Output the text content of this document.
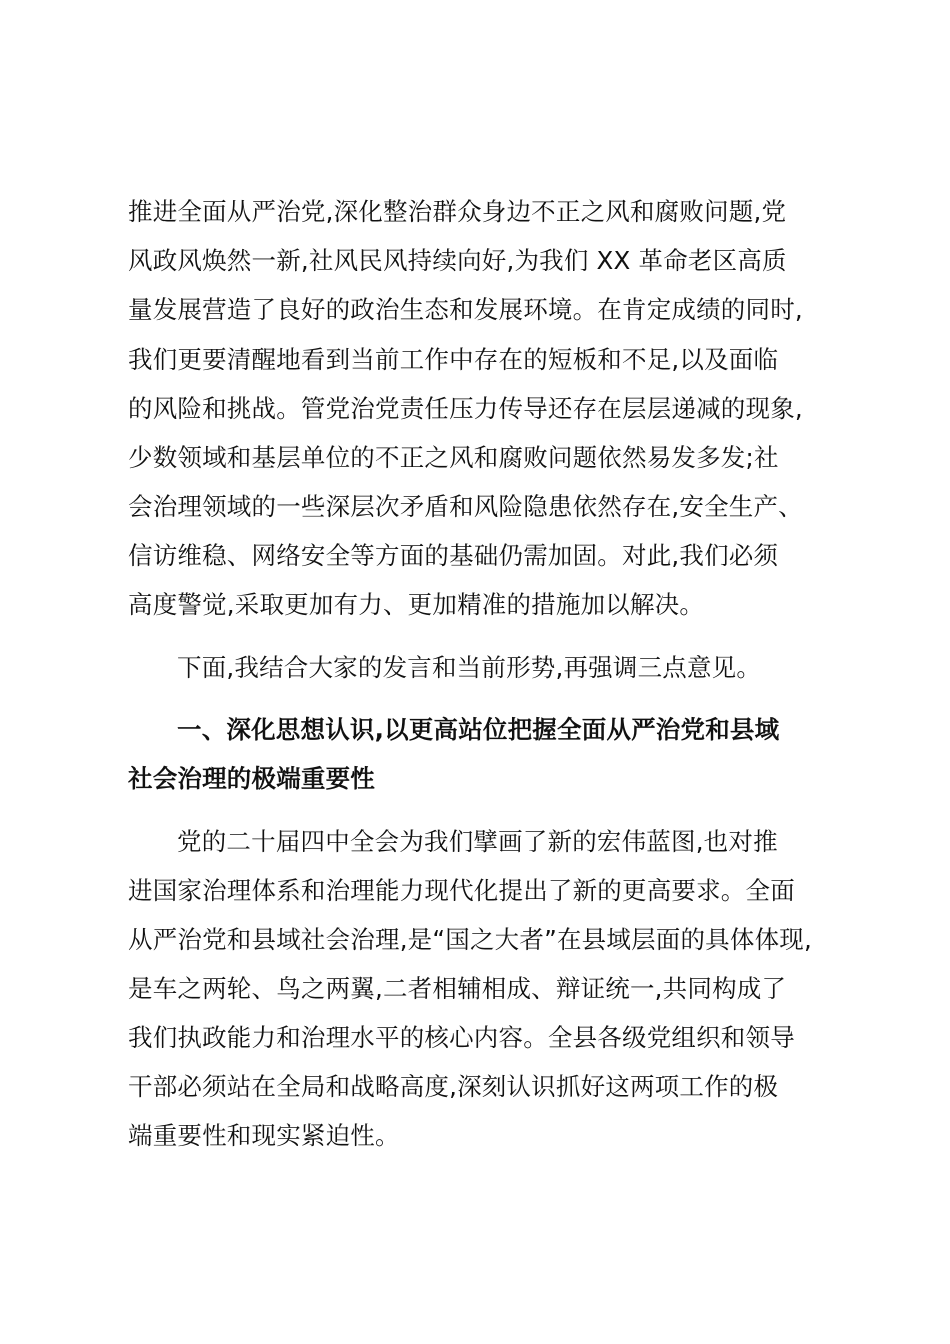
推进全面从严治党,深化整治群众身边不正之风和腐败问题,党
风政风焕然一新,社风民风持续向好,为我们 XX 革命老区高质
量发展营造了良好的政治生态和发展环境。在肯定成绩的同时,
我们更要清醒地看到当前工作中存在的短板和不足,以及面临
的风险和挑战。管党治党责任压力传导还存在层层递减的现象,
少数领域和基层单位的不正之风和腐败问题依然易发多发;社
会治理领域的一些深层次矛盾和风险隐患依然存在,安全生产、
信访维稳、网络安全等方面的基础仍需加固。对此,我们必须
高度警觉,采取更加有力、更加精准的措施加以解决。
下面,我结合大家的发言和当前形势,再强调三点意见。
一、深化思想认识,以更高站位把握全面从严治党和县域
社会治理的极端重要性
党的二十届四中全会为我们擘画了新的宏伟蓝图,也对推
进国家治理体系和治理能力现代化提出了新的更高要求。全面
从严治党和县域社会治理,是“国之大者”在县域层面的具体体现,
是车之两轮、鸟之两翼,二者相辅相成、辩证统一,共同构成了
我们执政能力和治理水平的核心内容。全县各级党组织和领导
干部必须站在全局和战略高度,深刻认识抓好这两项工作的极
端重要性和现实紧迫性。
